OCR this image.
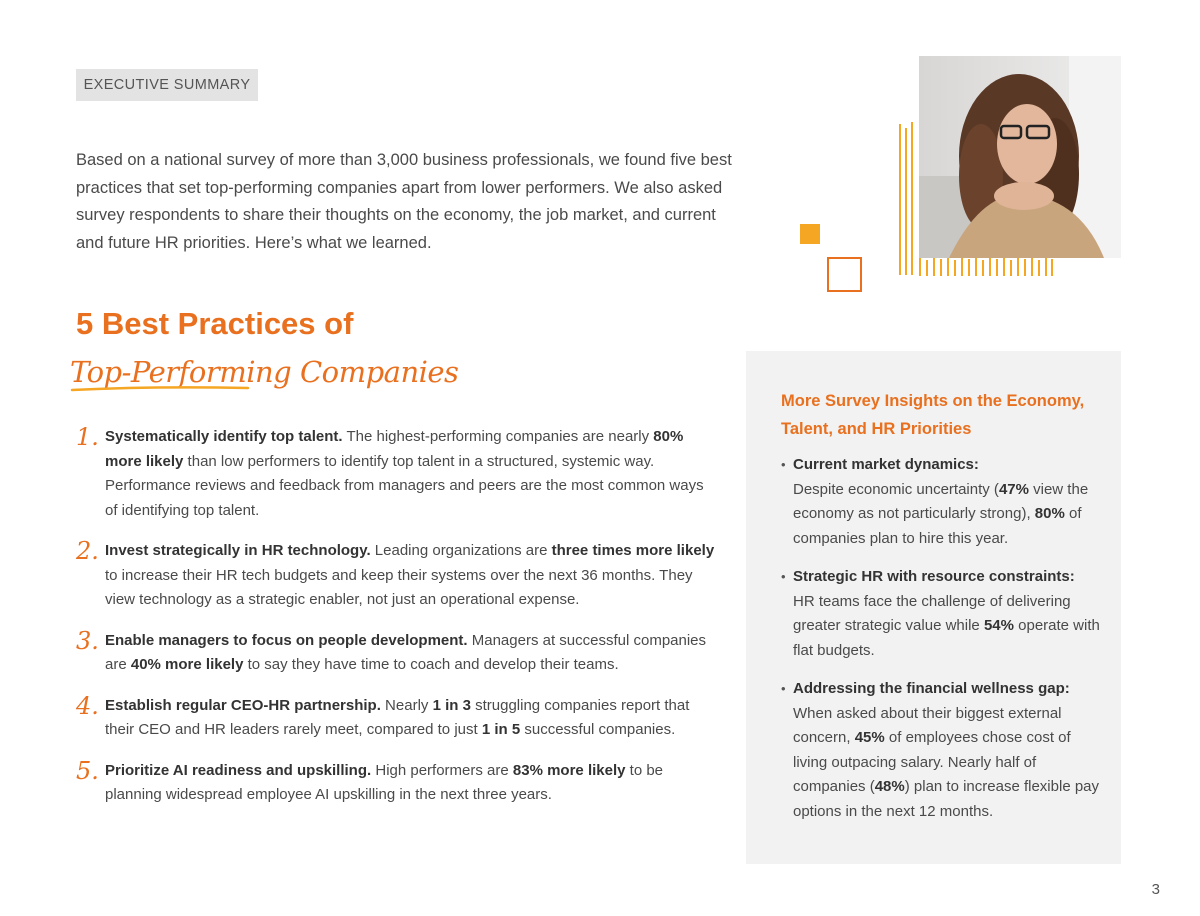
EXECUTIVE SUMMARY

Based on a national survey of more than 3,000 business professionals, we found five best practices that set top-performing companies apart from lower performers. We also asked survey respondents to share their thoughts on the economy, the job market, and current and future HR priorities. Here’s what we learned.

5 Best Practices of
Top-Performing Companies
1. Systematically identify top talent. The highest-performing companies are nearly 80% more likely than low performers to identify top talent in a structured, systemic way. Performance reviews and feedback from managers and peers are the most common ways of identifying top talent.
2. Invest strategically in HR technology. Leading organizations are three times more likely to increase their HR tech budgets and keep their systems over the next 36 months. They view technology as a strategic enabler, not just an operational expense.
3. Enable managers to focus on people development. Managers at successful companies are 40% more likely to say they have time to coach and develop their teams.
4. Establish regular CEO-HR partnership. Nearly 1 in 3 struggling companies report that their CEO and HR leaders rarely meet, compared to just 1 in 5 successful companies.
5. Prioritize AI readiness and upskilling. High performers are 83% more likely to be planning widespread employee AI upskilling in the next three years.
More Survey Insights on the Economy, Talent, and HR Priorities
• Current market dynamics:
Despite economic uncertainty (47% view the economy as not particularly strong), 80% of companies plan to hire this year.
• Strategic HR with resource constraints:
HR teams face the challenge of delivering greater strategic value while 54% operate with flat budgets.
• Addressing the financial wellness gap:
When asked about their biggest external concern, 45% of employees chose cost of living outpacing salary. Nearly half of companies (48%) plan to increase flexible pay options in the next 12 months.
3
